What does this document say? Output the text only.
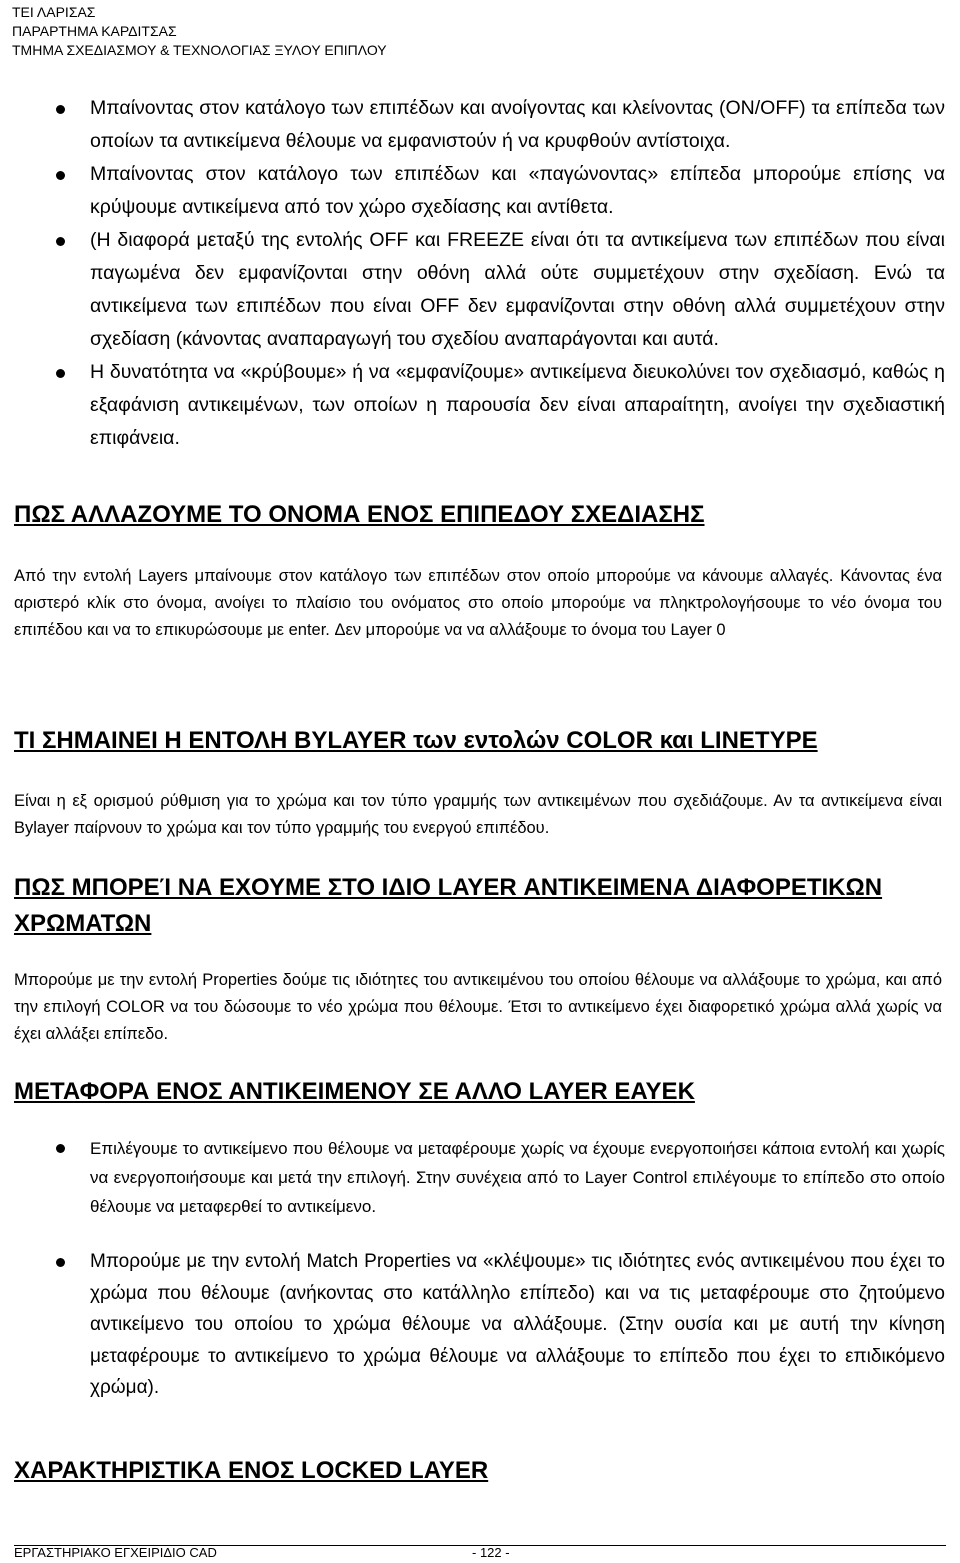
ΤΕΙ ΛΑΡΙΣΑΣ
ΠΑΡΑΡΤΗΜΑ ΚΑΡΔΙΤΣΑΣ
ΤΜΗΜΑ ΣΧΕΔΙΑΣΜΟΥ & ΤΕΧΝΟΛΟΓΙΑΣ ΞΥΛΟΥ ΕΠΙΠΛΟΥ
Μπαίνοντας στον κατάλογο των επιπέδων και ανοίγοντας και κλείνοντας (ON/OFF) τα επίπεδα των οποίων τα αντικείμενα θέλουμε να εμφανιστούν ή να κρυφθούν αντίστοιχα.
Μπαίνοντας στον κατάλογο των επιπέδων και «παγώνοντας» επίπεδα μπορούμε επίσης να κρύψουμε αντικείμενα από τον χώρο σχεδίασης και αντίθετα.
(Η διαφορά μεταξύ της εντολής OFF και FREEZE είναι ότι τα αντικείμενα των επιπέδων που είναι παγωμένα δεν εμφανίζονται στην οθόνη αλλά ούτε συμμετέχουν στην σχεδίαση. Ενώ τα αντικείμενα των επιπέδων που είναι OFF δεν εμφανίζονται στην οθόνη αλλά συμμετέχουν στην σχεδίαση (κάνοντας αναπαραγωγή του σχεδίου αναπαράγονται και αυτά.
Η δυνατότητα να «κρύβουμε» ή να «εμφανίζουμε» αντικείμενα διευκολύνει τον σχεδιασμό, καθώς η εξαφάνιση αντικειμένων, των οποίων η παρουσία δεν είναι απαραίτητη, ανοίγει την σχεδιαστική επιφάνεια.
ΠΩΣ ΑΛΛΑΖΟΥΜΕ ΤΟ ΟΝΟΜΑ ΕΝΟΣ ΕΠΙΠΕΔΟΥ ΣΧΕΔΙΑΣΗΣ
Από την εντολή Layers μπαίνουμε στον κατάλογο των επιπέδων στον οποίο μπορούμε να κάνουμε αλλαγές. Κάνοντας ένα αριστερό κλίκ στο όνομα, ανοίγει το πλαίσιο του ονόματος στο οποίο μπορούμε να πληκτρολογήσουμε το νέο όνομα του επιπέδου και να το επικυρώσουμε με enter. Δεν μπορούμε να να αλλάξουμε το όνομα του Layer 0
ΤΙ ΣΗΜΑΙΝΕΙ Η ΕΝΤΟΛΗ BYLAYER των εντολών COLOR και LINETYPE
Είναι η εξ ορισμού ρύθμιση για το χρώμα και τον τύπο γραμμής των αντικειμένων που σχεδιάζουμε. Αν τα αντικείμενα είναι Bylayer παίρνουν το χρώμα και τον τύπο γραμμής του ενεργού επιπέδου.
ΠΩΣ ΜΠΟΡΕΊ ΝΑ ΕΧΟΥΜΕ ΣΤΟ ΙΔΙΟ LAYER ΑΝΤΙΚΕΙΜΕΝΑ ΔΙΑΦΟΡΕΤΙΚΩΝ ΧΡΩΜΑΤΩΝ
Μπορούμε με την εντολή Properties δούμε τις ιδιότητες του αντικειμένου του οποίου θέλουμε να αλλάξουμε το χρώμα, και από την επιλογή COLOR να του δώσουμε το νέο χρώμα που θέλουμε. Έτσι το αντικείμενο έχει διαφορετικό χρώμα αλλά χωρίς να έχει αλλάξει επίπεδο.
ΜΕΤΑΦΟΡΑ ΕΝΟΣ ΑΝΤΙΚΕΙΜΕΝΟΥ ΣΕ ΑΛΛΟ LAYER ΕΑΥΕΚ
Επιλέγουμε το αντικείμενο που θέλουμε να μεταφέρουμε χωρίς να έχουμε ενεργοποιήσει κάποια εντολή και χωρίς να ενεργοποιήσουμε και μετά την επιλογή. Στην συνέχεια από το Layer Control επιλέγουμε το επίπεδο στο οποίο θέλουμε να μεταφερθεί το αντικείμενο.
Μπορούμε με την εντολή Match Properties να «κλέψουμε» τις ιδιότητες ενός αντικειμένου που έχει το χρώμα που θέλουμε (ανήκοντας στο κατάλληλο επίπεδο) και να τις μεταφέρουμε στο ζητούμενο αντικείμενο του οποίου το χρώμα θέλουμε να αλλάξουμε. (Στην ουσία και με αυτή την κίνηση μεταφέρουμε το αντικείμενο το χρώμα θέλουμε να αλλάξουμε το επίπεδο που έχει το επιδικόμενο χρώμα).
ΧΑΡΑΚΤΗΡΙΣΤΙΚΑ ΕΝΟΣ LOCKED LAYER
ΕΡΓΑΣΤΗΡΙΑΚΟ ΕΓΧΕΙΡΙΔΙΟ CAD	- 122 -
